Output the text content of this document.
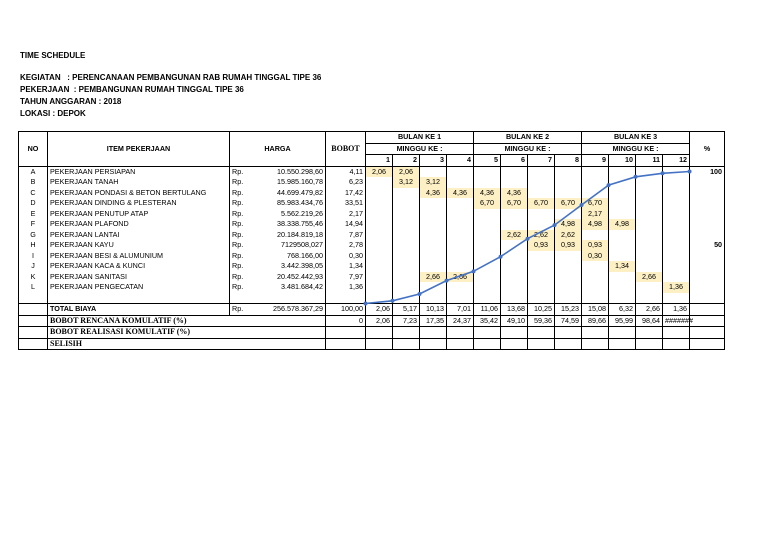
TIME SCHEDULE
KEGIATAN   : PERENCANAAN PEMBANGUNAN RAB RUMAH TINGGAL TIPE 36
PEKERJAAN  : PEMBANGUNAN RUMAH TINGGAL TIPE 36
TAHUN ANGGARAN : 2018
LOKASI : DEPOK
NO	ITEM PEKERJAAN	HARGA		BOBOT	BULAN KE 1				BULAN KE 2				BULAN KE 3				%
					MINGGU KE :				MINGGU KE :				MINGGU KE :				
					1	2	3	4	5	6	7	8	9	10	11	12	
A	PEKERJAAN PERSIAPAN	Rp.	10.550.298,60	4,11	2,06	2,06											100
B	PEKERJAAN TANAH	Rp.	15.985.160,78	6,23		3,12	3,12										
C	PEKERJAAN PONDASI & BETON BERTULANG	Rp.	44.699.479,82	17,42			4,36	4,36	4,36	4,36							
D	PEKERJAAN DINDING & PLESTERAN	Rp.	85.983.434,76	33,51					6,70	6,70	6,70	6,70	6,70				
E	PEKERJAAN PENUTUP ATAP	Rp.	5.562.219,26	2,17									2,17				
F	PEKERJAAN PLAFOND	Rp.	38.338.755,46	14,94								4,98	4,98	4,98			
G	PEKERJAAN LANTAI	Rp.	20.184.819,18	7,87						2,62	2,62	2,62					
H	PEKERJAAN KAYU	Rp.	7129508,027	2,78							0,93	0,93	0,93				50
I	PEKERJAAN BESI & ALUMUNIUM	Rp.	768.166,00	0,30									0,30				
J	PEKERJAAN KACA & KUNCI	Rp.	3.442.398,05	1,34										1,34			
K	PEKERJAAN SANITASI	Rp.	20.452.442,93	7,97			2,66	2,66							2,66		
L	PEKERJAAN PENGECATAN	Rp.	3.481.684,42	1,36												1,36	

	TOTAL BIAYA	Rp.	256.578.367,29	100,00	2,06	5,17	10,13	7,01	11,06	13,68	10,25	15,23	15,08	6,32	2,66	1,36	
	BOBOT RENCANA KOMULATIF (%)			0	2,06	7,23	17,35	24,37	35,42	49,10	59,36	74,59	89,66	95,99	98,64	#######	
	BOBOT REALISASI KOMULATIF (%)																
	SELISIH																
